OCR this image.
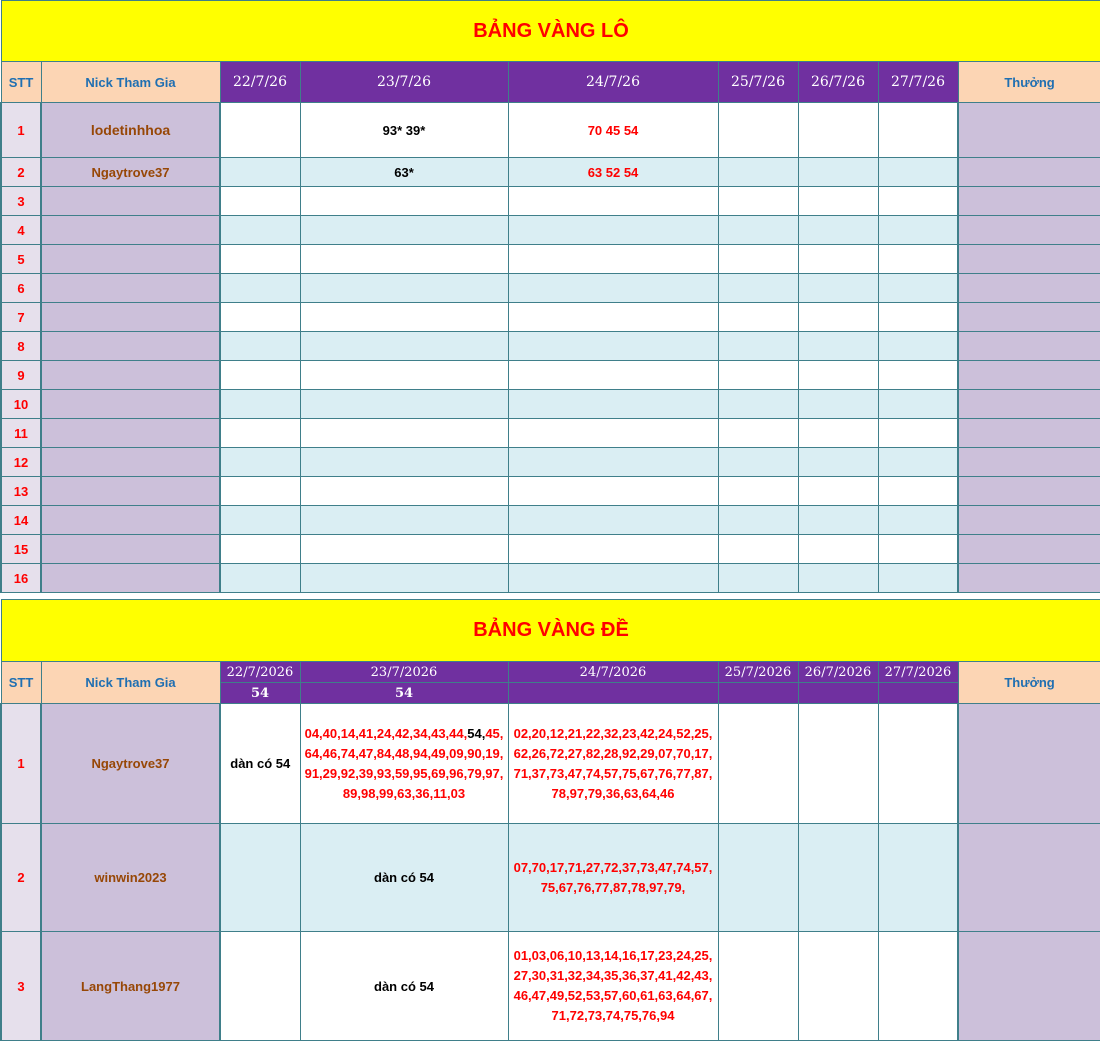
BẢNG VÀNG LÔ								
STT	Nick Tham Gia	22/7/26	23/7/26	24/7/26	25/7/26	26/7/26	27/7/26	Thưởng
1	lodetinhhoa		93* 39*	70 45 54				
2	Ngaytrove37		63*	63 52 54				
3								
4								
5								
6								
7								
8								
9								
10								
11								
12								
13								
14								
15								
16								

BẢNG VÀNG ĐỀ								
STT	Nick Tham Gia	22/7/2026	23/7/2026	24/7/2026	25/7/2026	26/7/2026	27/7/2026	Thưởng
		54	54					
1	Ngaytrove37	dàn có 54	04,40,14,41,24,42,34,43,44,54,45,64,46,74,47,84,48,94,49,09,90,19,91,29,92,39,93,59,95,69,96,79,97,89,98,99,63,36,11,03	02,20,12,21,22,32,23,42,24,52,25,62,26,72,27,82,28,92,29,07,70,17,71,37,73,47,74,57,75,67,76,77,87,78,97,79,36,63,64,46				
2	winwin2023		dàn có 54	07,70,17,71,27,72,37,73,47,74,57,75,67,76,77,87,78,97,79,				
3	LangThang1977		dàn có 54	01,03,06,10,13,14,16,17,23,24,25,27,30,31,32,34,35,36,37,41,42,43,46,47,49,52,53,57,60,61,63,64,67,71,72,73,74,75,76,94				
